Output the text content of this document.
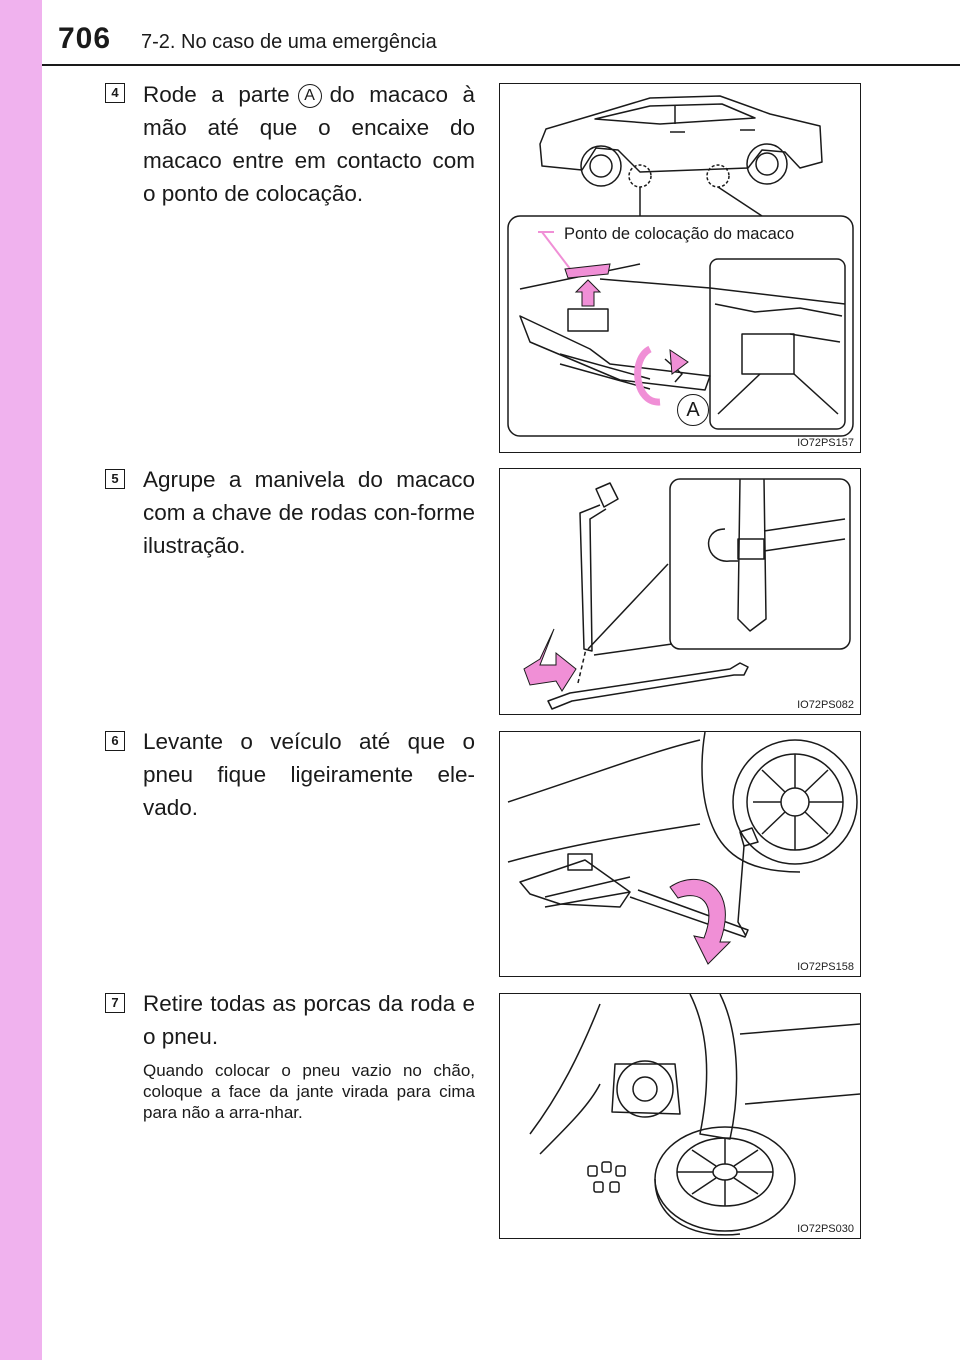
706 7-2. No caso de uma emergência
4 Rode a parte A do macaco à mão até que o encaixe do macaco entre em contacto com o ponto de colocação.
Ponto de colocação do macaco
A
IO72PS157
5 Agrupe a manivela do macaco com a chave de rodas con-forme ilustração.
IO72PS082
6 Levante o veículo até que o pneu fique ligeiramente ele-vado.
IO72PS158
7 Retire todas as porcas da roda e o pneu.
Quando colocar o pneu vazio no chão, coloque a face da jante virada para cima para não a arra-nhar.
IO72PS030
